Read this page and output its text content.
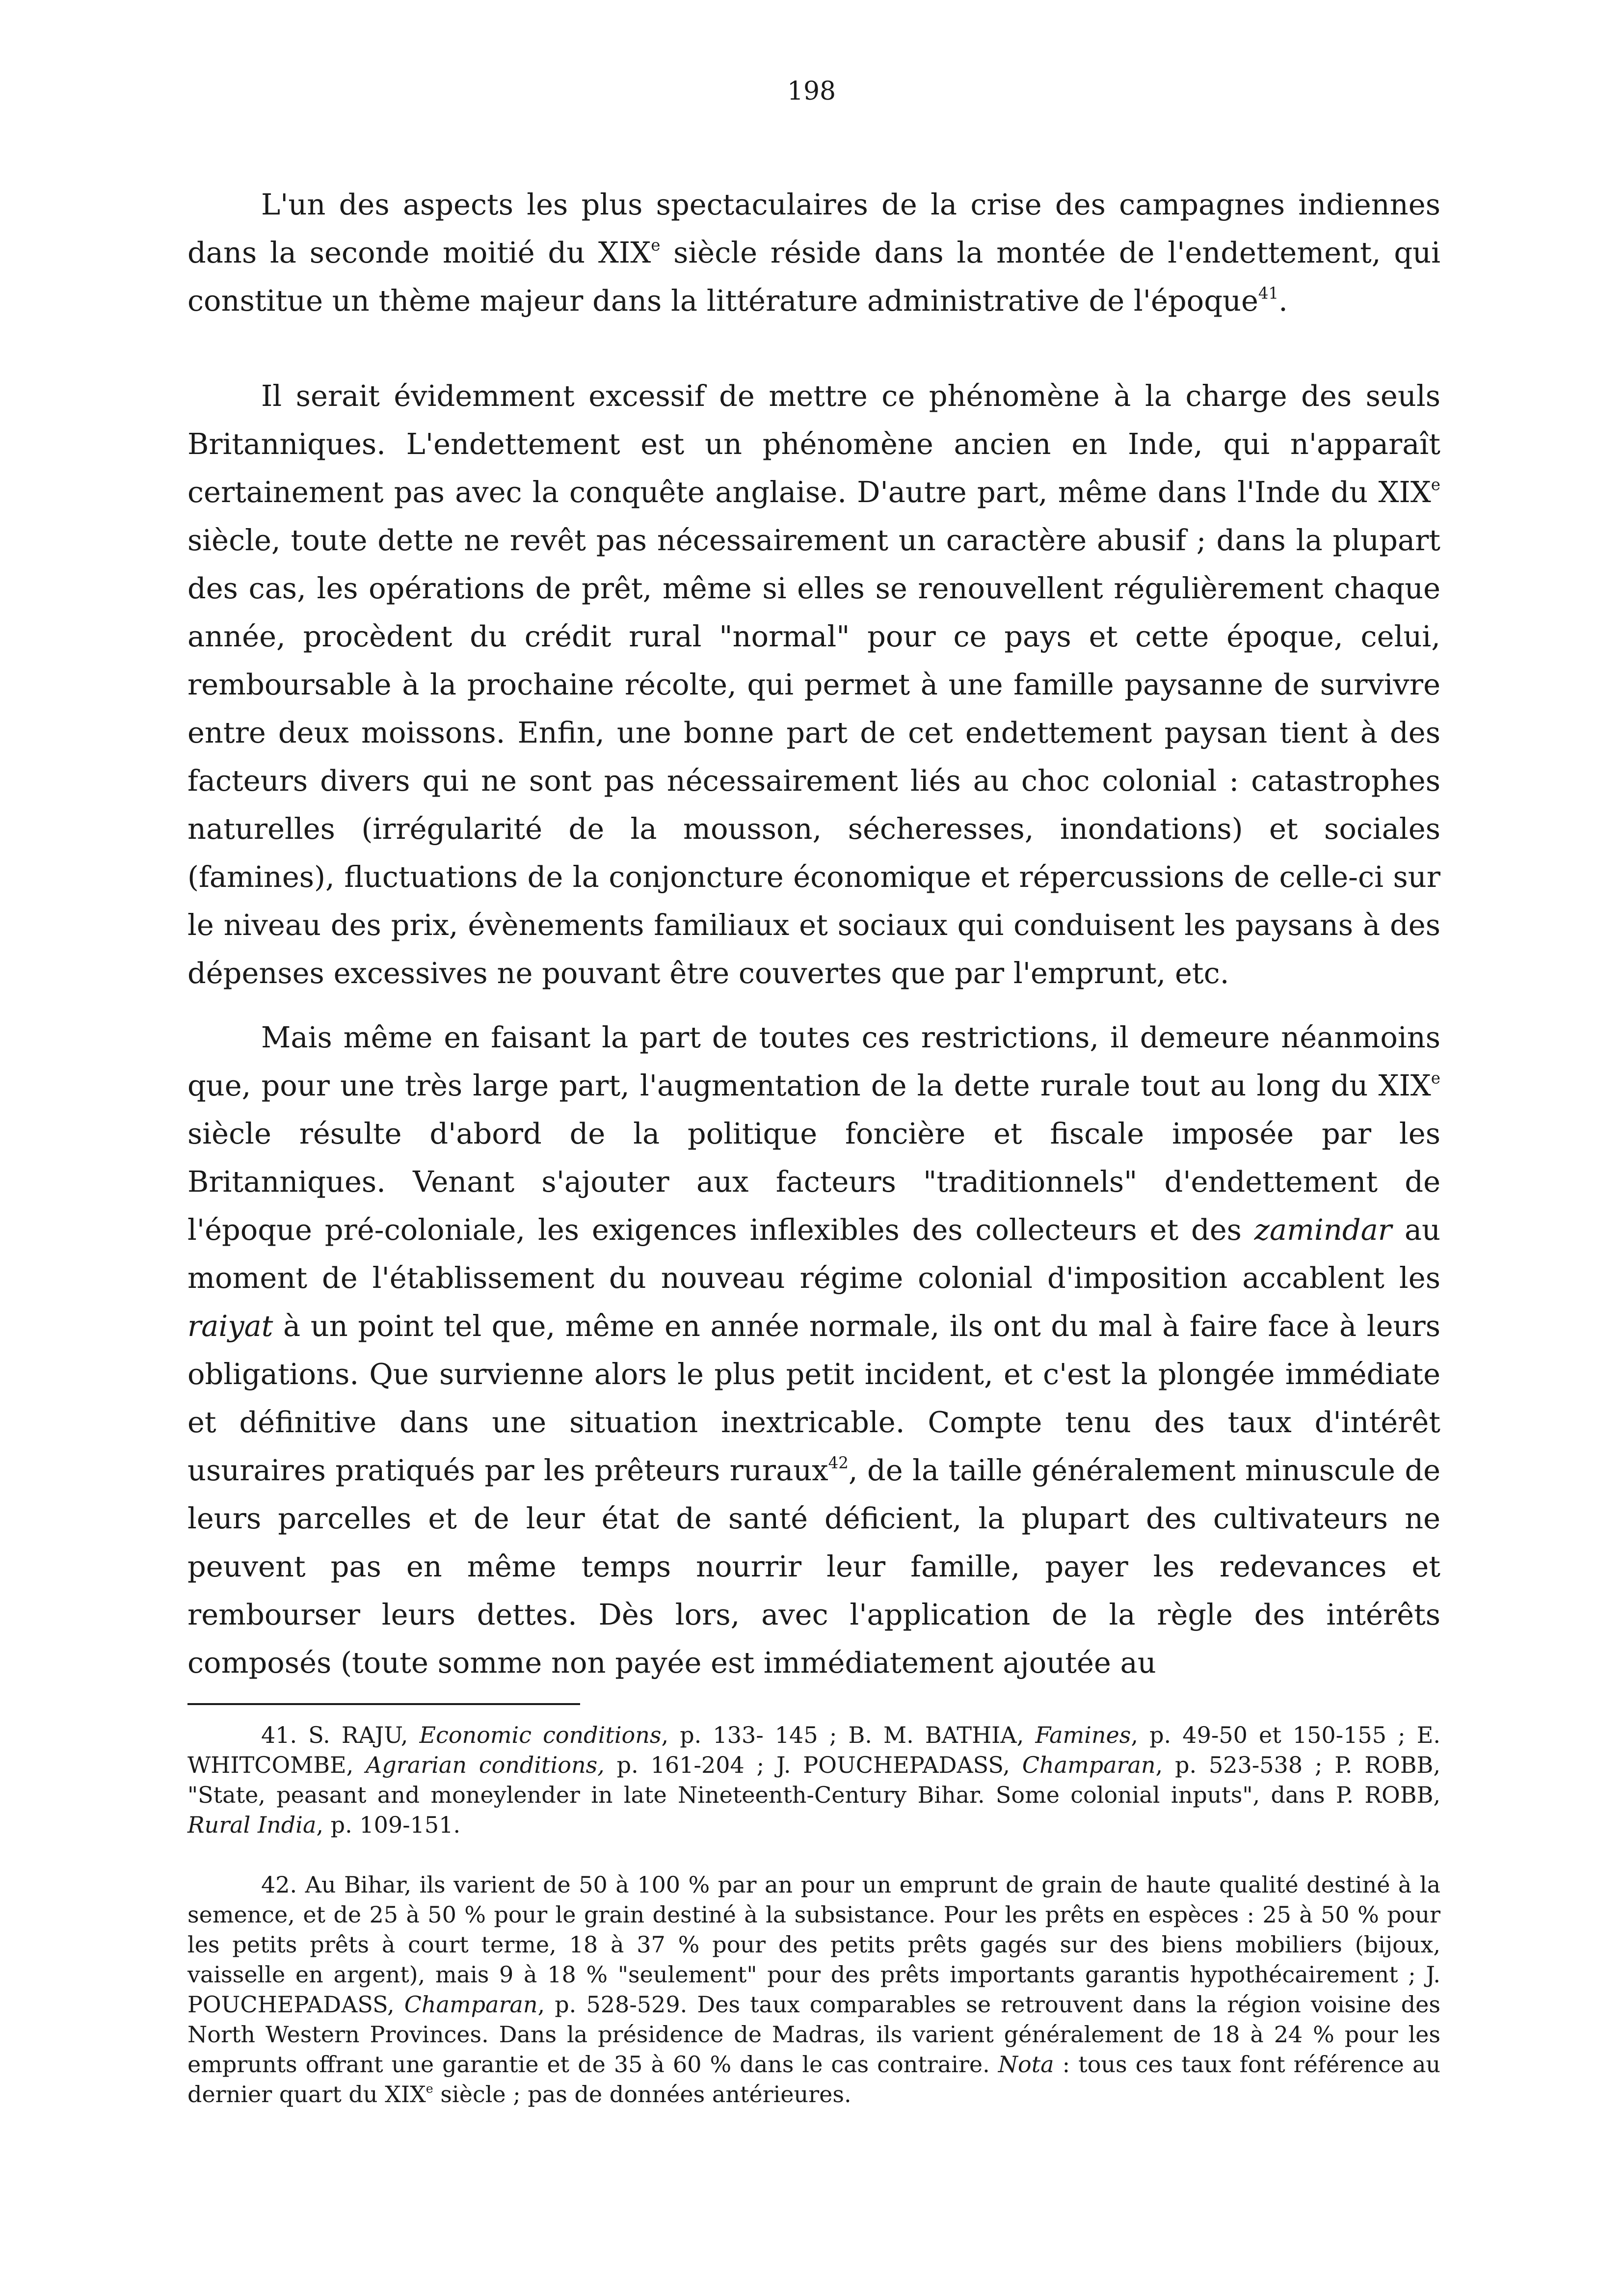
198

L'un des aspects les plus spectaculaires de la crise des campagnes indiennes dans la seconde moitié du XIXe siècle réside dans la montée de l'endettement, qui constitue un thème majeur dans la littérature administrative de l'époque$^{41}$.

Il serait évidemment excessif de mettre ce phénomène à la charge des seuls Britanniques. L'endettement est un phénomène ancien en Inde, qui n'apparaît certainement pas avec la conquête anglaise. D'autre part, même dans l'Inde du XIXe siècle, toute dette ne revêt pas nécessairement un caractère abusif ; dans la plupart des cas, les opérations de prêt, même si elles se renouvellent régulièrement chaque année, procèdent du crédit rural "normal" pour ce pays et cette époque, celui, remboursable à la prochaine récolte, qui permet à une famille paysanne de survivre entre deux moissons. Enfin, une bonne part de cet endettement paysan tient à des facteurs divers qui ne sont pas nécessairement liés au choc colonial : catastrophes naturelles (irrégularité de la mousson, sécheresses, inondations) et sociales (famines), fluctuations de la conjoncture économique et répercussions de celle-ci sur le niveau des prix, évènements familiaux et sociaux qui conduisent les paysans à des dépenses excessives ne pouvant être couvertes que par l'emprunt, etc.

Mais même en faisant la part de toutes ces restrictions, il demeure néanmoins que, pour une très large part, l'augmentation de la dette rurale tout au long du XIXe siècle résulte d'abord de la politique foncière et fiscale imposée par les Britanniques. Venant s'ajouter aux facteurs "traditionnels" d'endettement de l'époque pré-coloniale, les exigences inflexibles des collecteurs et des zamindar au moment de l'établissement du nouveau régime colonial d'imposition accablent les raiyat à un point tel que, même en année normale, ils ont du mal à faire face à leurs obligations. Que survienne alors le plus petit incident, et c'est la plongée immédiate et définitive dans une situation inextricable. Compte tenu des taux d'intérêt usuraires pratiqués par les prêteurs ruraux$^{42}$, de la taille généralement minuscule de leurs parcelles et de leur état de santé déficient, la plupart des cultivateurs ne peuvent pas en même temps nourrir leur famille, payer les redevances et rembourser leurs dettes. Dès lors, avec l'application de la règle des intérêts composés (toute somme non payée est immédiatement ajoutée au

41. S. RAJU, Economic conditions, p. 133- 145 ; B. M. BATHIA, Famines, p. 49-50 et 150-155 ; E. WHITCOMBE, Agrarian conditions, p. 161-204 ; J. POUCHEPADASS, Champaran, p. 523-538 ; P. ROBB, "State, peasant and moneylender in late Nineteenth-Century Bihar. Some colonial inputs", dans P. ROBB, Rural India, p. 109-151.

42. Au Bihar, ils varient de 50 à 100 % par an pour un emprunt de grain de haute qualité destiné à la semence, et de 25 à 50 % pour le grain destiné à la subsistance. Pour les prêts en espèces : 25 à 50 % pour les petits prêts à court terme, 18 à 37 % pour des petits prêts gagés sur des biens mobiliers (bijoux, vaisselle en argent), mais 9 à 18 % "seulement" pour des prêts importants garantis hypothécairement ; J. POUCHEPADASS, Champaran, p. 528-529. Des taux comparables se retrouvent dans la région voisine des North Western Provinces. Dans la présidence de Madras, ils varient généralement de 18 à 24 % pour les emprunts offrant une garantie et de 35 à 60 % dans le cas contraire. Nota : tous ces taux font référence au dernier quart du XIXe siècle ; pas de données antérieures.
